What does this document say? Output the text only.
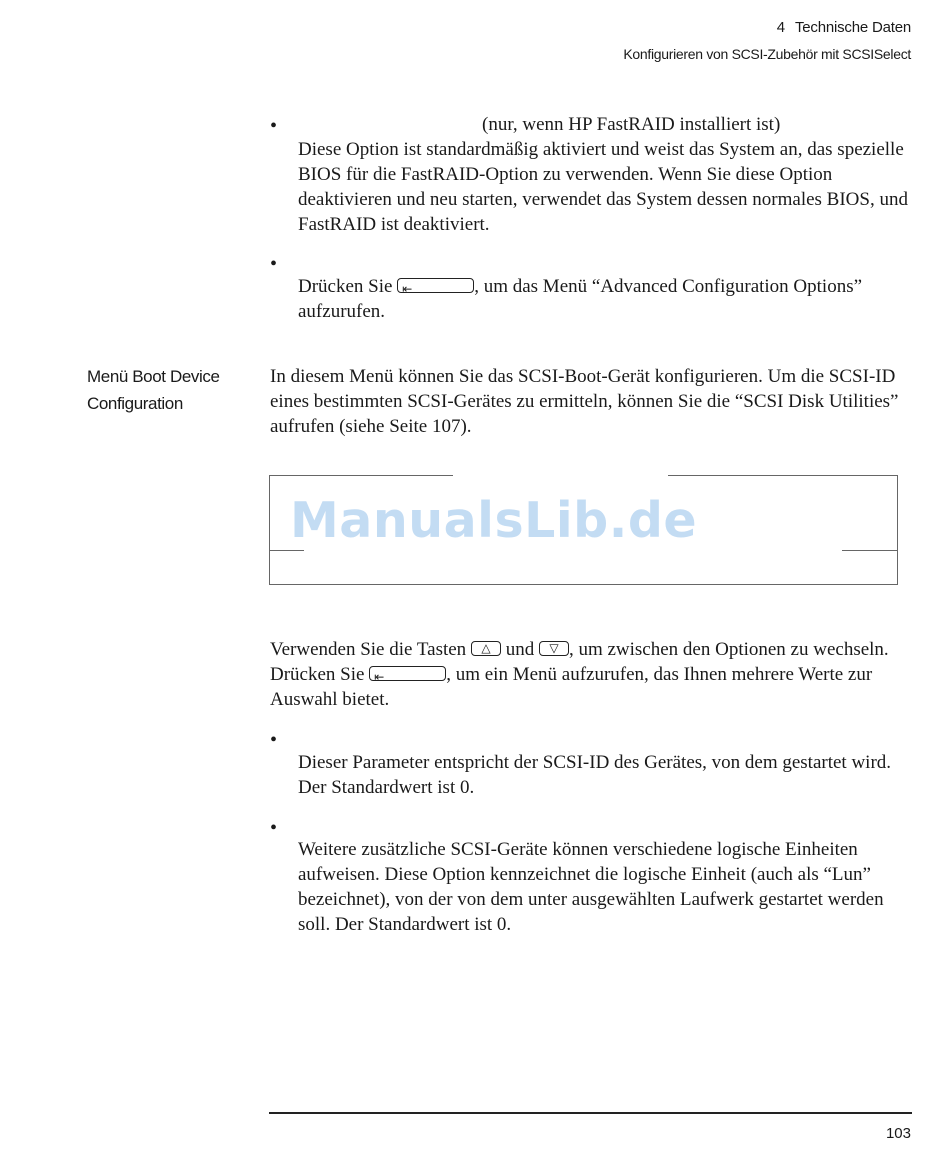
4 Technische Daten
Konfigurieren von SCSI-Zubehör mit SCSISelect
•	(nur, wenn HP FastRAID installiert ist)
Diese Option ist standardmäßig aktiviert und weist das System an, das spezielle BIOS für die FastRAID-Option zu verwenden. Wenn Sie diese Option deaktivieren und neu starten, verwendet das System dessen normales BIOS, und FastRAID ist deaktiviert.
•
Drücken Sie ⇤	, um das Menü “Advanced Configuration Options” aufzurufen.
Menü Boot Device Configuration
In diesem Menü können Sie das SCSI-Boot-Gerät konfigurieren. Um die SCSI-ID eines bestimmten SCSI-Gerätes zu ermitteln, können Sie die “SCSI Disk Utilities” aufrufen (siehe Seite 107).
ManualsLib.de
Verwenden Sie die Tasten △ und ▽ , um zwischen den Optionen zu wechseln. Drücken Sie ⇤	, um ein Menü aufzurufen, das Ihnen mehrere Werte zur Auswahl bietet.
•
Dieser Parameter entspricht der SCSI-ID des Gerätes, von dem gestartet wird. Der Standardwert ist 0.
•
Weitere zusätzliche SCSI-Geräte können verschiedene logische Einheiten aufweisen. Diese Option kennzeichnet die logische Einheit (auch als “Lun” bezeichnet), von der von dem unter ausgewählten Laufwerk gestartet werden soll. Der Standardwert ist 0.
103
